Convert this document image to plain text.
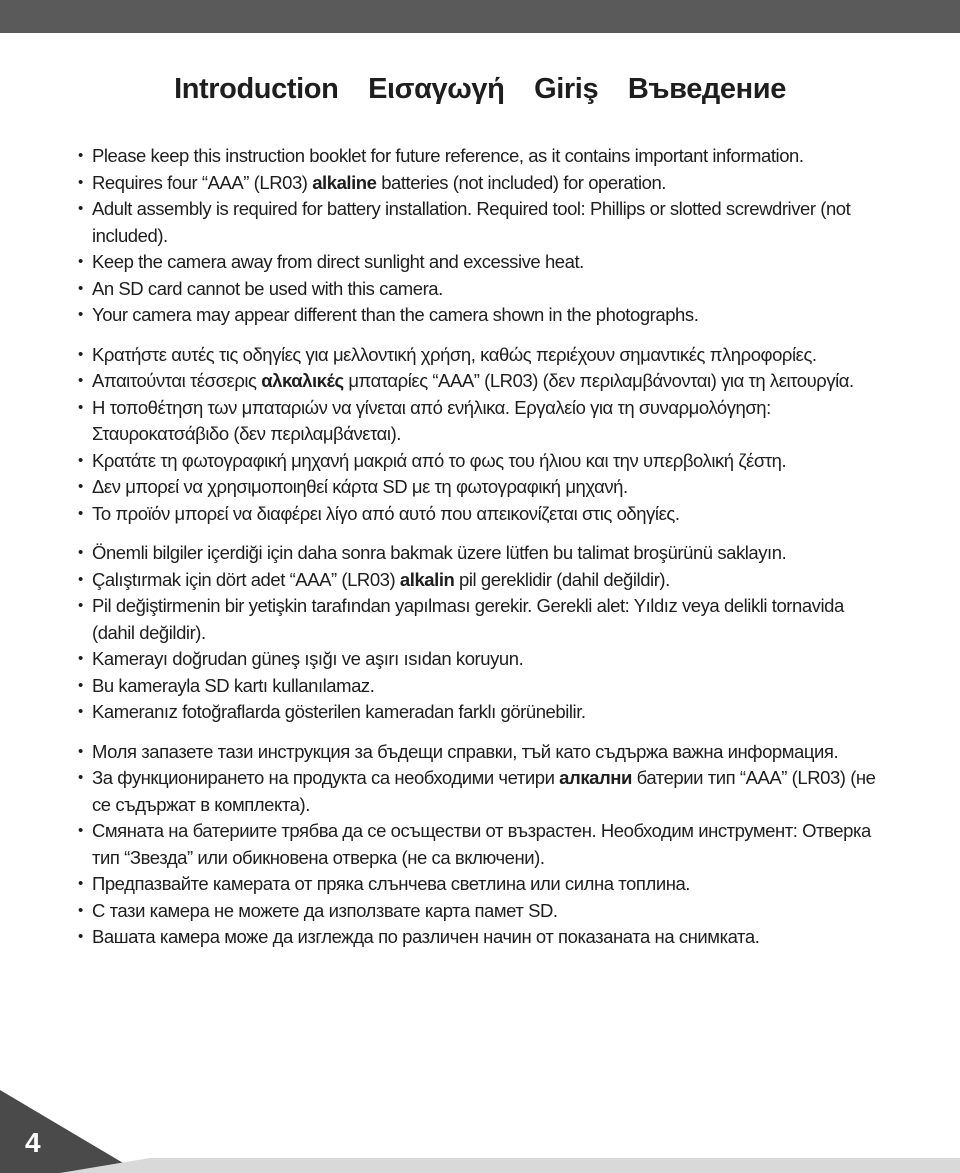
Introduction Εισαγωγή Giriş Въведение
• Please keep this instruction booklet for future reference, as it contains important information.
• Requires four “AAA” (LR03) alkaline batteries (not included) for operation.
• Adult assembly is required for battery installation. Required tool: Phillips or slotted screwdriver (not included).
• Keep the camera away from direct sunlight and excessive heat.
• An SD card cannot be used with this camera.
• Your camera may appear different than the camera shown in the photographs.
• Κρατήστε αυτές τις οδηγίες για μελλοντική χρήση, καθώς περιέχουν σημαντικές πληροφορίες.
• Απαιτούνται τέσσερις αλκαλικές μπαταρίες “AAA” (LR03) (δεν περιλαμβάνονται) για τη λειτουργία.
• Η τοποθέτηση των μπαταριών να γίνεται από ενήλικα. Εργαλείο για τη συναρμολόγηση: Σταυροκατσάβιδο (δεν περιλαμβάνεται).
• Κρατάτε τη φωτογραφική μηχανή μακριά από το φως του ήλιου και την υπερβολική ζέστη.
• Δεν μπορεί να χρησιμοποιηθεί κάρτα SD με τη φωτογραφική μηχανή.
• Το προϊόν μπορεί να διαφέρει λίγο από αυτό που απεικονίζεται στις οδηγίες.
• Önemli bilgiler içerdiği için daha sonra bakmak üzere lütfen bu talimat broşürünü saklayın.
• Çalıştırmak için dört adet “AAA” (LR03) alkalin pil gereklidir (dahil değildir).
• Pil değiştirmenin bir yetişkin tarafından yapılması gerekir. Gerekli alet: Yıldız veya delikli tornavida (dahil değildir).
• Kamerayı doğrudan güneş ışığı ve aşırı ısıdan koruyun.
• Bu kamerayla SD kartı kullanılamaz.
• Kameranız fotoğraflarda gösterilen kameradan farklı görünebilir.
• Моля запазете тази инструкция за бъдещи справки, тъй като съдържа важна информация.
• За функционирането на продукта са необходими четири алкални батерии тип “AAA” (LR03) (не се съдържат в комплекта).
• Смяната на батериите трябва да се осъществи от възрастен. Необходим инструмент: Отверка тип “Звезда” или обикновена отверка (не са включени).
• Предпазвайте камерата от пряка слънчева светлина или силна топлина.
• С тази камера не можете да използвате карта памет SD.
• Вашата камера може да изглежда по различен начин от показаната на снимката.
4
